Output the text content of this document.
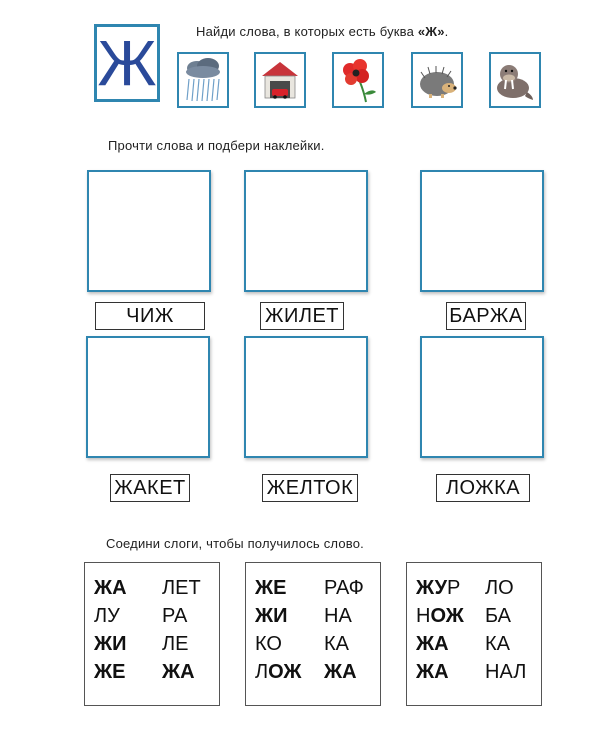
Ж	Найди слова, в которых есть буква «Ж».
Прочти слова и подбери наклейки.
ЧИЖ	ЖИЛЕТ	БАРЖА
ЖАКЕТ	ЖЕЛТОК	ЛОЖКА
Соедини слоги, чтобы получилось слово.
ЖА ЛЕТ
ЛУ РА
ЖИ ЛЕ
ЖЕ ЖА
ЖЕ РАФ
ЖИ НА
КО КА
ЛОЖ ЖА
ЖУР ЛО
НОЖ БА
ЖА КА
ЖА НАЛ
